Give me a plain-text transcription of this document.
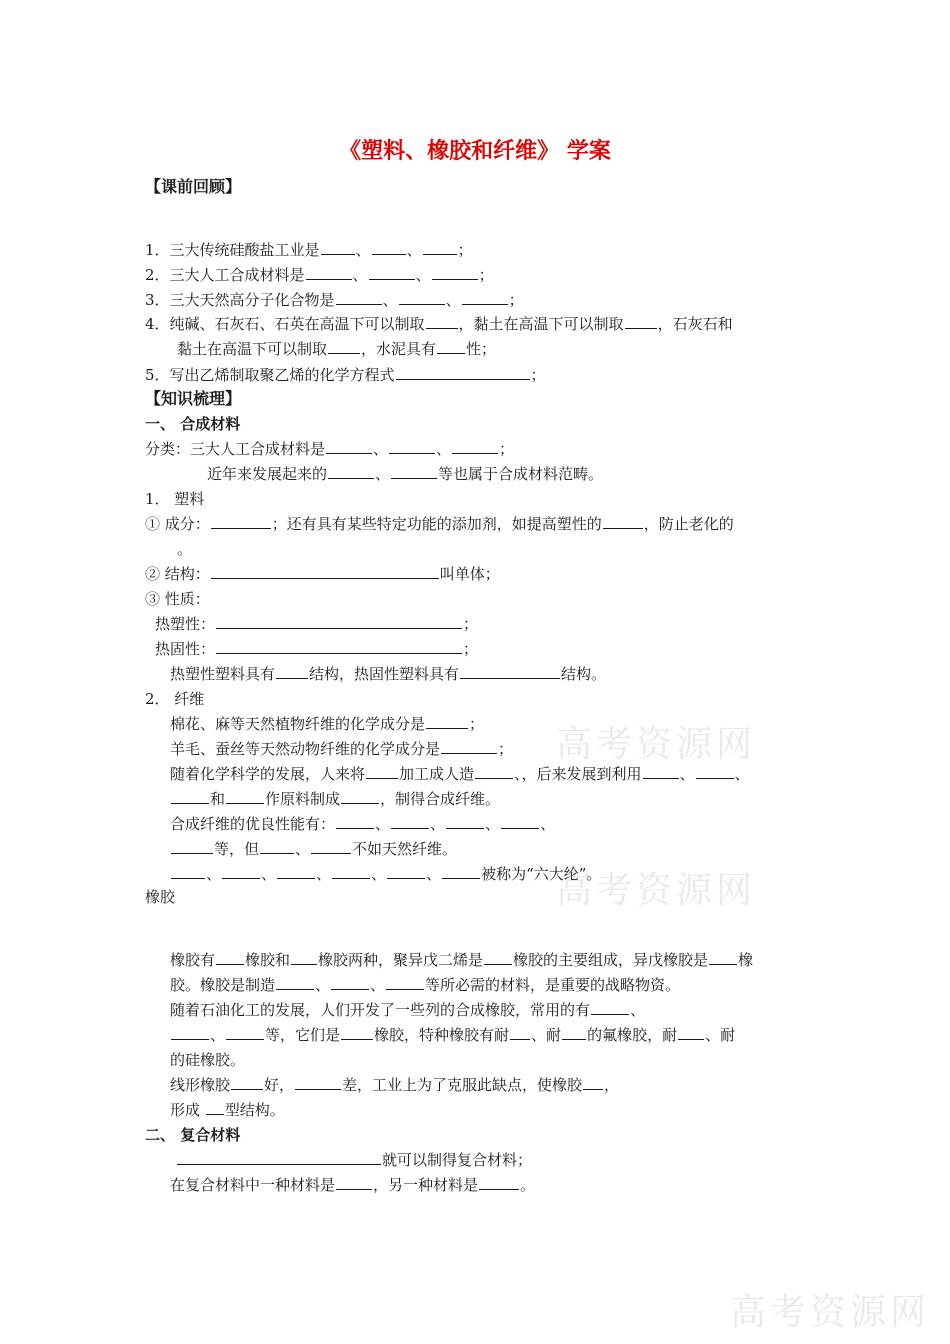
《塑料、橡胶和纤维》 学案
高考资源网
高考资源网
高考资源网
【课前回顾】
1．三大传统硅酸盐工业是 、 、 ；
2．三大人工合成材料是	、	、	；
3．三大天然高分子化合物是	、	、	；
4．纯碱、石灰石、石英在高温下可以制取 ，黏土在高温下可以制取 ，石灰石和
黏土在高温下可以制取 ，水泥具有 性；
5．写出乙烯制取聚乙烯的化学方程式	；
【知识梳理】
一、 合成材料
分类：三大人工合成材料是	、	、	；
近年来发展起来的	、	等也属于合成材料范畴。
1． 塑料
① 成分：	；还有具有某些特定功能的添加剂，如提高塑性的	，防止老化的
。
② 结构：	叫单体；
③ 性质：
热塑性：	；
热固性：	；
热塑性塑料具有 结构，热固性塑料具有	结构。
2． 纤维
棉花、麻等天然植物纤维的化学成分是	；
羊毛、蚕丝等天然动物纤维的化学成分是	；
随着化学科学的发展，人来将 加工成人造	、，后来发展到利用	、	、
和	作原料制成	，制得合成纤维。
合成纤维的优良性能有：	、	、	、	、
等，但 、	不如天然纤维。
、	、	、	、	、	被称为“六大纶”。
橡胶
橡胶有 橡胶和 橡胶两种，聚异戊二烯是 橡胶的主要组成，异戊橡胶是 橡
胶。橡胶是制造	、	、	等所必需的材料，是重要的战略物资。
随着石油化工的发展，人们开发了一些列的合成橡胶，常用的有	、
、	等，它们是 橡胶，特种橡胶有耐 、耐 的氟橡胶，耐 、耐
的硅橡胶。
线形橡胶 好，	差，工业上为了克服此缺点，使橡胶 ，
形成 型结构。
二、 复合材料
就可以制得复合材料；
在复合材料中一种材料是	，另一种材料是	。
